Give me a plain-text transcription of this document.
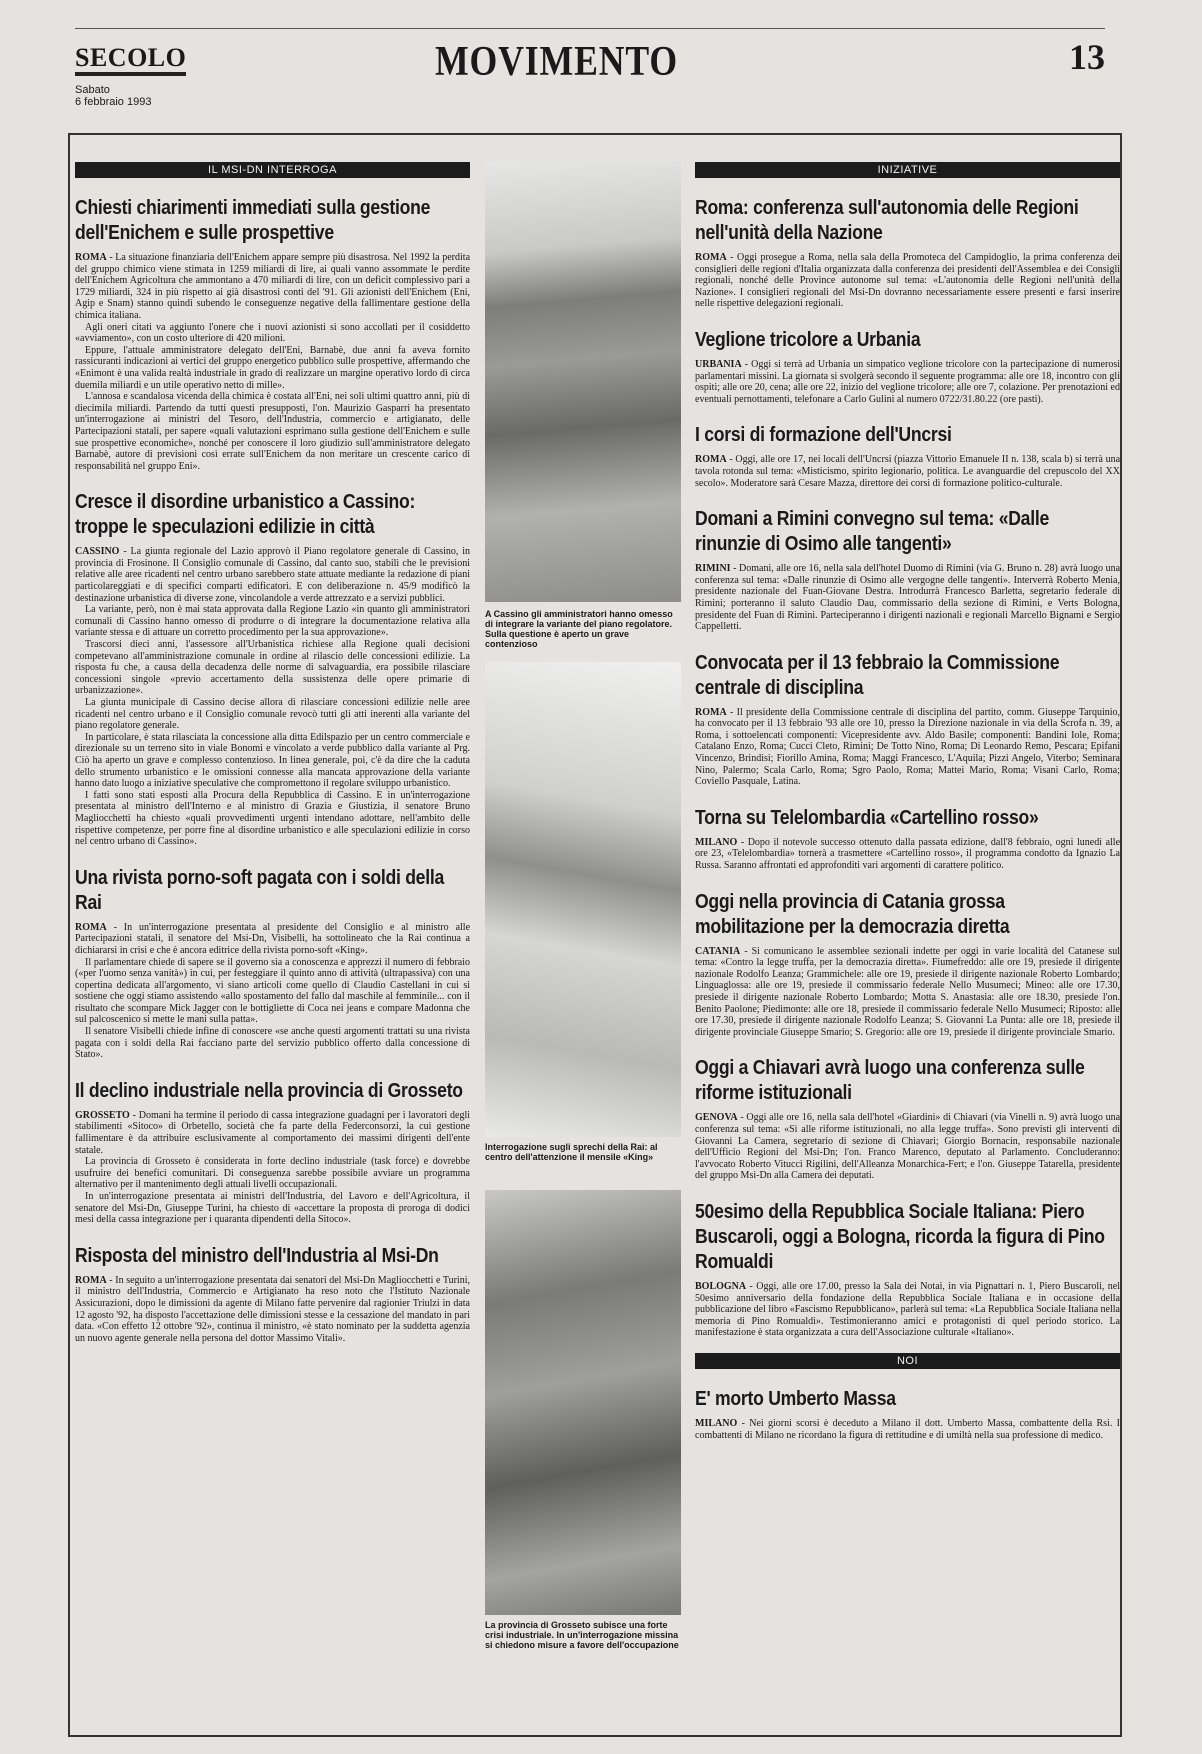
SECOLO
Sabato
6 febbraio 1993
MOVIMENTO	13
IL MSI-DN INTERROGA
Chiesti chiarimenti immediati sulla gestione dell'Enichem e sulle prospettive

ROMA - La situazione finanziaria dell'Enichem appare sempre più disastrosa. Nel 1992 la perdita del gruppo chimico viene stimata in 1259 miliardi di lire, ai quali vanno assommate le perdite dell'Enichem Agricoltura che ammontano a 470 miliardi di lire, con un deficit complessivo pari a 1729 miliardi, 324 in più rispetto ai già disastrosi conti del '91. Gli azionisti dell'Enichem (Eni, Agip e Snam) stanno quindi subendo le conseguenze negative della fallimentare gestione della chimica italiana.

Agli oneri citati va aggiunto l'onere che i nuovi azionisti si sono accollati per il cosiddetto «avviamento», con un costo ulteriore di 420 milioni.

Eppure, l'attuale amministratore delegato dell'Eni, Barnabè, due anni fa aveva fornito rassicuranti indicazioni ai vertici del gruppo energetico pubblico sulle prospettive, affermando che «Enimont è una valida realtà industriale in grado di realizzare un margine operativo lordo di circa duemila miliardi e un utile operativo netto di mille».

L'annosa e scandalosa vicenda della chimica è costata all'Eni, nei soli ultimi quattro anni, più di diecimila miliardi. Partendo da tutti questi presupposti, l'on. Maurizio Gasparri ha presentato un'interrogazione ai ministri del Tesoro, dell'Industria, commercio e artigianato, delle Partecipazioni statali, per sapere «quali valutazioni esprimano sulla gestione dell'Enichem e sulle sue prospettive economiche», nonché per conoscere il loro giudizio sull'amministratore delegato Barnabè, autore di previsioni così errate sull'Enichem da non meritare un crescente carico di responsabilità nel gruppo Eni».

Cresce il disordine urbanistico a Cassino: troppe le speculazioni edilizie in città

CASSINO - La giunta regionale del Lazio approvò il Piano regolatore generale di Cassino, in provincia di Frosinone. Il Consiglio comunale di Cassino, dal canto suo, stabilì che le previsioni relative alle aree ricadenti nel centro urbano sarebbero state attuate mediante la redazione di piani particolareggiati e di specifici comparti edificatori. E con deliberazione n. 45/9 modificò la destinazione urbanistica di diverse zone, vincolandole a verde attrezzato e a servizi pubblici.

La variante, però, non è mai stata approvata dalla Regione Lazio «in quanto gli amministratori comunali di Cassino hanno omesso di produrre o di integrare la documentazione relativa alla variante stessa e di attuare un corretto procedimento per la sua approvazione».

Trascorsi dieci anni, l'assessore all'Urbanistica richiese alla Regione quali decisioni competevano all'amministrazione comunale in ordine al rilascio delle concessioni edilizie. La risposta fu che, a causa della decadenza delle norme di salvaguardia, era possibile rilasciare concessioni singole «previo accertamento della sussistenza delle opere primarie di urbanizzazione».

La giunta municipale di Cassino decise allora di rilasciare concessioni edilizie nelle aree ricadenti nel centro urbano e il Consiglio comunale revocò tutti gli atti inerenti alla variante del piano regolatore generale.

In particolare, è stata rilasciata la concessione alla ditta Edilspazio per un centro commerciale e direzionale su un terreno sito in viale Bonomi e vincolato a verde pubblico dalla variante al Prg. Ciò ha aperto un grave e complesso contenzioso. In linea generale, poi, c'è da dire che la caduta dello strumento urbanistico e le omissioni connesse alla mancata approvazione della variante hanno dato luogo a iniziative speculative che compromettono il regolare sviluppo urbanistico.

I fatti sono stati esposti alla Procura della Repubblica di Cassino. E in un'interrogazione presentata al ministro dell'Interno e al ministro di Grazia e Giustizia, il senatore Bruno Magliocchetti ha chiesto «quali provvedimenti urgenti intendano adottare, nell'ambito delle rispettive competenze, per porre fine al disordine urbanistico e alle speculazioni edilizie in corso nel centro urbano di Cassino».

Una rivista porno-soft pagata con i soldi della Rai

ROMA - In un'interrogazione presentata al presidente del Consiglio e al ministro alle Partecipazioni statali, il senatore del Msi-Dn, Visibelli, ha sottolineato che la Rai continua a dichiararsi in crisi e che è ancora editrice della rivista porno-soft «King».

Il parlamentare chiede di sapere se il governo sia a conoscenza e apprezzi il numero di febbraio («per l'uomo senza vanità») in cui, per festeggiare il quinto anno di attività (ultrapassiva) con una copertina dedicata all'argomento, vi siano articoli come quello di Claudio Castellani in cui si sostiene che oggi stiamo assistendo «allo spostamento del fallo dal maschile al femminile... con il risultato che scompare Mick Jagger con le bottigliette di Coca nei jeans e compare Madonna che sul palcoscenico si mette le mani sulla patta».

Il senatore Visibelli chiede infine di conoscere «se anche questi argomenti trattati su una rivista pagata con i soldi della Rai facciano parte del servizio pubblico offerto dalla concessione di Stato».

Il declino industriale nella provincia di Grosseto

GROSSETO - Domani ha termine il periodo di cassa integrazione guadagni per i lavoratori degli stabilimenti «Sitoco» di Orbetello, società che fa parte della Federconsorzi, la cui gestione fallimentare è da attribuire esclusivamente al comportamento dei massimi dirigenti dell'ente statale.

La provincia di Grosseto è considerata in forte declino industriale (task force) e dovrebbe usufruire dei benefici comunitari. Di conseguenza sarebbe possibile avviare un programma alternativo per il mantenimento degli attuali livelli occupazionali.

In un'interrogazione presentata ai ministri dell'Industria, del Lavoro e dell'Agricoltura, il senatore del Msi-Dn, Giuseppe Turini, ha chiesto di «accettare la proposta di proroga di dodici mesi della cassa integrazione per i quaranta dipendenti della Sitoco».

Risposta del ministro dell'Industria al Msi-Dn

ROMA - In seguito a un'interrogazione presentata dai senatori del Msi-Dn Magliocchetti e Turini, il ministro dell'Industria, Commercio e Artigianato ha reso noto che l'Istituto Nazionale Assicurazioni, dopo le dimissioni da agente di Milano fatte pervenire dal ragionier Triulzi in data 12 agosto '92, ha disposto l'accettazione delle dimissioni stesse e la cessazione del mandato in pari data. «Con effetto 12 ottobre '92», continua il ministro, «è stato nominato per la suddetta agenzia un nuovo agente generale nella persona del dottor Massimo Vitali».

A Cassino gli amministratori hanno omesso di integrare la variante del piano regolatore. Sulla questione è aperto un grave contenzioso
Interrogazione sugli sprechi della Rai: al centro dell'attenzione il mensile «King»
La provincia di Grosseto subisce una forte crisi industriale. In un'interrogazione missina si chiedono misure a favore dell'occupazione
INIZIATIVE
Roma: conferenza sull'autonomia delle Regioni nell'unità della Nazione

ROMA - Oggi prosegue a Roma, nella sala della Promoteca del Campidoglio, la prima conferenza dei consiglieri delle regioni d'Italia organizzata dalla conferenza dei presidenti dell'Assemblea e dei Consigli regionali, nonché delle Province autonome sul tema: «L'autonomia delle Regioni nell'unità della Nazione». I consiglieri regionali del Msi-Dn dovranno necessariamente essere presenti e farsi inserire nelle rispettive delegazioni regionali.

Veglione tricolore a Urbania

URBANIA - Oggi si terrà ad Urbania un simpatico veglione tricolore con la partecipazione di numerosi parlamentari missini. La giornata si svolgerà secondo il seguente programma: alle ore 18, incontro con gli ospiti; alle ore 20, cena; alle ore 22, inizio del veglione tricolore; alle ore 7, colazione. Per prenotazioni ed eventuali pernottamenti, telefonare a Carlo Gulini al numero 0722/31.80.22 (ore pasti).

I corsi di formazione dell'Uncrsi

ROMA - Oggi, alle ore 17, nei locali dell'Uncrsi (piazza Vittorio Emanuele II n. 138, scala b) si terrà una tavola rotonda sul tema: «Misticismo, spirito legionario, politica. Le avanguardie del crepuscolo del XX secolo». Moderatore sarà Cesare Mazza, direttore dei corsi di formazione politico-culturale.

Domani a Rimini convegno sul tema: «Dalle rinunzie di Osimo alle tangenti»

RIMINI - Domani, alle ore 16, nella sala dell'hotel Duomo di Rimini (via G. Bruno n. 28) avrà luogo una conferenza sul tema: «Dalle rinunzie di Osimo alle vergogne delle tangenti». Interverrà Roberto Menia, presidente nazionale del Fuan-Giovane Destra. Introdurrà Francesco Barletta, segretario federale di Rimini; porteranno il saluto Claudio Dau, commissario della sezione di Rimini, e Verts Bologna, presidente del Fuan di Rimini. Parteciperanno i dirigenti nazionali e regionali Marcello Bignami e Sergio Cappelletti.

Convocata per il 13 febbraio la Commissione centrale di disciplina

ROMA - Il presidente della Commissione centrale di disciplina del partito, comm. Giuseppe Tarquinio, ha convocato per il 13 febbraio '93 alle ore 10, presso la Direzione nazionale in via della Scrofa n. 39, a Roma, i sottoelencati componenti: Vicepresidente avv. Aldo Basile; componenti: Bandini Iole, Roma; Catalano Enzo, Roma; Cucci Cleto, Rimini; De Totto Nino, Roma; Di Leonardo Remo, Pescara; Epifani Vincenzo, Brindisi; Fiorillo Amina, Roma; Maggi Francesco, L'Aquila; Pizzi Angelo, Viterbo; Seminara Nino, Palermo; Scala Carlo, Roma; Sgro Paolo, Roma; Mattei Mario, Roma; Visani Carlo, Roma; Coviello Pasquale, Latina.

Torna su Telelombardia «Cartellino rosso»

MILANO - Dopo il notevole successo ottenuto dalla passata edizione, dall'8 febbraio, ogni lunedì alle ore 23, «Telelombardia» tornerà a trasmettere «Cartellino rosso», il programma condotto da Ignazio La Russa. Saranno affrontati ed approfonditi vari argomenti di carattere politico.

Oggi nella provincia di Catania grossa mobilitazione per la democrazia diretta

CATANIA - Si comunicano le assemblee sezionali indette per oggi in varie località del Catanese sul tema: «Contro la legge truffa, per la democrazia diretta». Fiumefreddo: alle ore 19, presiede il dirigente nazionale Rodolfo Leanza; Grammichele: alle ore 19, presiede il dirigente nazionale Roberto Lombardo; Linguaglossa: alle ore 19, presiede il commissario federale Nello Musumeci; Mineo: alle ore 17.30, presiede il dirigente nazionale Roberto Lombardo; Motta S. Anastasia: alle ore 18.30, presiede l'on. Benito Paolone; Piedimonte: alle ore 18, presiede il commissario federale Nello Musumeci; Riposto: alle ore 17.30, presiede il dirigente nazionale Rodolfo Leanza; S. Giovanni La Punta: alle ore 18, presiede il dirigente provinciale Giuseppe Smario; S. Gregorio: alle ore 19, presiede il dirigente provinciale Smario.

Oggi a Chiavari avrà luogo una conferenza sulle riforme istituzionali

GENOVA - Oggi alle ore 16, nella sala dell'hotel «Giardini» di Chiavari (via Vinelli n. 9) avrà luogo una conferenza sul tema: «Sì alle riforme istituzionali, no alla legge truffa». Sono previsti gli interventi di Giovanni La Camera, segretario di sezione di Chiavari; Giorgio Bornacin, responsabile nazionale dell'Ufficio Regioni del Msi-Dn; l'on. Franco Marenco, deputato al Parlamento. Concluderanno: l'avvocato Roberto Vitucci Rigilini, dell'Alleanza Monarchica-Fert; e l'on. Giuseppe Tatarella, presidente del gruppo Msi-Dn alla Camera dei deputati.

50esimo della Repubblica Sociale Italiana: Piero Buscaroli, oggi a Bologna, ricorda la figura di Pino Romualdi

BOLOGNA - Oggi, alle ore 17.00, presso la Sala dei Notai, in via Pignattari n. 1, Piero Buscaroli, nel 50esimo anniversario della fondazione della Repubblica Sociale Italiana e in occasione della pubblicazione del libro «Fascismo Repubblicano», parlerà sul tema: «La Repubblica Sociale Italiana nella memoria di Pino Romualdi». Testimonieranno amici e protagonisti di quel periodo storico. La manifestazione è stata organizzata a cura dell'Associazione culturale «Italiano».

NOI
E' morto Umberto Massa

MILANO - Nei giorni scorsi è deceduto a Milano il dott. Umberto Massa, combattente della Rsi. I combattenti di Milano ne ricordano la figura di rettitudine e di umiltà nella sua professione di medico.
